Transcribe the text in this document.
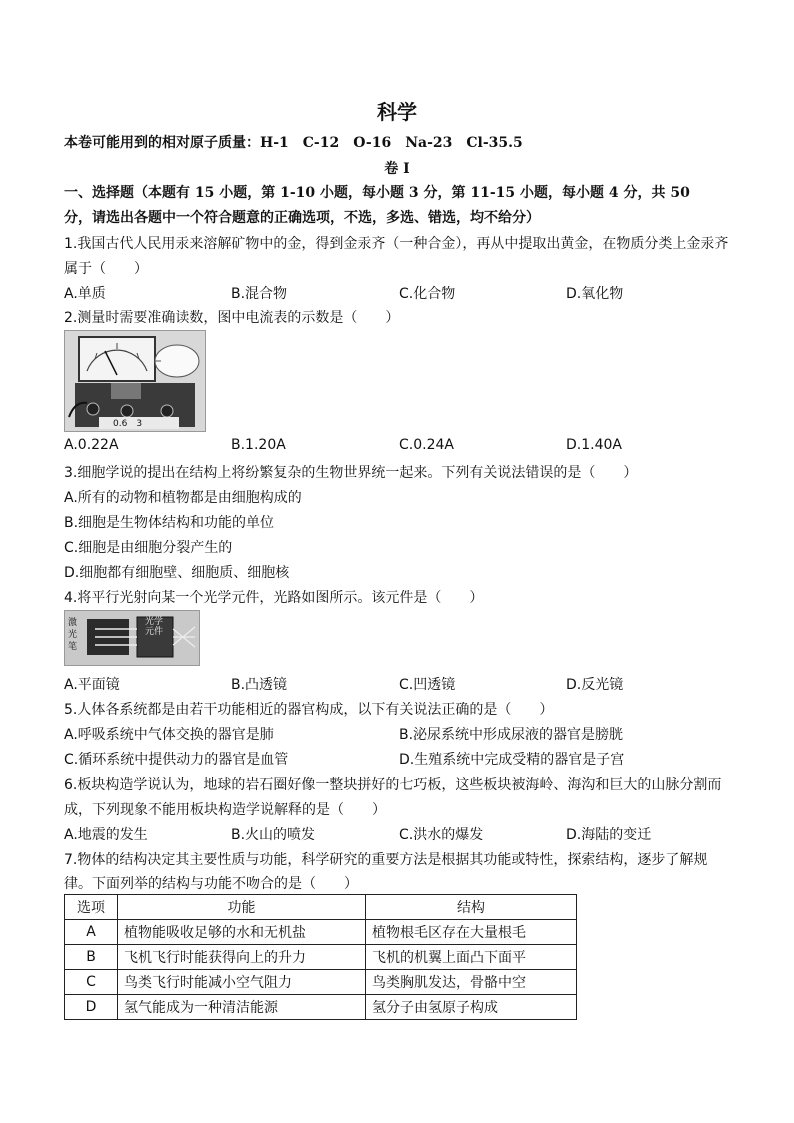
科学
本卷可能用到的相对原子质量：H-1　C-12　O-16　Na-23　Cl-35.5
卷 I
一、选择题（本题有 15 小题，第 1-10 小题，每小题 3 分，第 11-15 小题，每小题 4 分，共 50
分，请选出各题中一个符合题意的正确选项，不选，多选、错选，均不给分）
1.我国古代人民用汞来溶解矿物中的金，得到金汞齐（一种合金），再从中提取出黄金，在物质分类上金汞齐
属于（　　）
A.单质	B.混合物	C.化合物	D.氧化物
2.测量时需要准确读数，图中电流表的示数是（　　）
0.6　3
A.0.22A	B.1.20A	C.0.24A	D.1.40A
3.细胞学说的提出在结构上将纷繁复杂的生物世界统一起来。下列有关说法错误的是（　　）
A.所有的动物和植物都是由细胞构成的
B.细胞是生物体结构和功能的单位
C.细胞是由细胞分裂产生的
D.细胞都有细胞壁、细胞质、细胞核
4.将平行光射向某一个光学元件，光路如图所示。该元件是（　　）
激光笔
光学元件
A.平面镜	B.凸透镜	C.凹透镜	D.反光镜
5.人体各系统都是由若干功能相近的器官构成，以下有关说法正确的是（　　）
A.呼吸系统中气体交换的器官是肺	B.泌尿系统中形成尿液的器官是膀胱
C.循环系统中提供动力的器官是血管	D.生殖系统中完成受精的器官是子宫
6.板块构造学说认为，地球的岩石圈好像一整块拼好的七巧板，这些板块被海岭、海沟和巨大的山脉分割而
成，下列现象不能用板块构造学说解释的是（　　）
A.地震的发生	B.火山的喷发	C.洪水的爆发	D.海陆的变迁
7.物体的结构决定其主要性质与功能，科学研究的重要方法是根据其功能或特性，探索结构，逐步了解规
律。下面列举的结构与功能不吻合的是（　　）
选项	功能	结构
A	植物能吸收足够的水和无机盐	植物根毛区存在大量根毛
B	飞机飞行时能获得向上的升力	飞机的机翼上面凸下面平
C	鸟类飞行时能减小空气阻力	鸟类胸肌发达，骨骼中空
D	氢气能成为一种清洁能源	氢分子由氢原子构成
